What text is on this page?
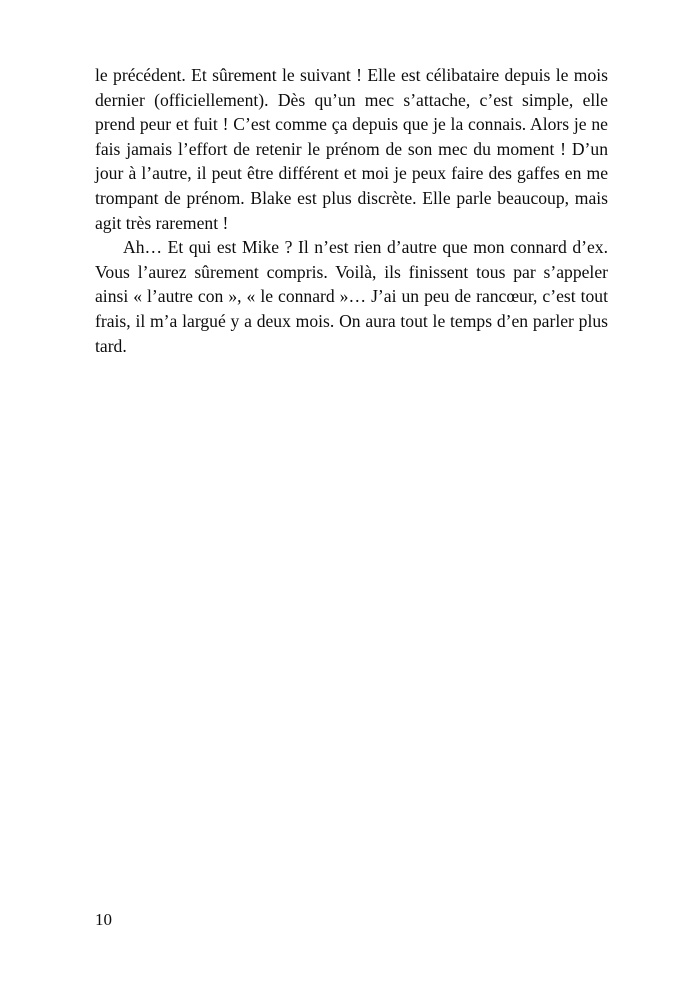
le précédent. Et sûrement le suivant ! Elle est célibataire depuis le mois dernier (officiellement). Dès qu’un mec s’attache, c’est simple, elle prend peur et fuit ! C’est comme ça depuis que je la connais. Alors je ne fais jamais l’effort de retenir le prénom de son mec du moment ! D’un jour à l’autre, il peut être différent et moi je peux faire des gaffes en me trompant de prénom. Blake est plus discrète. Elle parle beaucoup, mais agit très rarement !

Ah… Et qui est Mike ? Il n’est rien d’autre que mon connard d’ex. Vous l’aurez sûrement compris. Voilà, ils finissent tous par s’appeler ainsi « l’autre con », « le connard »… J’ai un peu de rancœur, c’est tout frais, il m’a largué y a deux mois. On aura tout le temps d’en parler plus tard.

10
